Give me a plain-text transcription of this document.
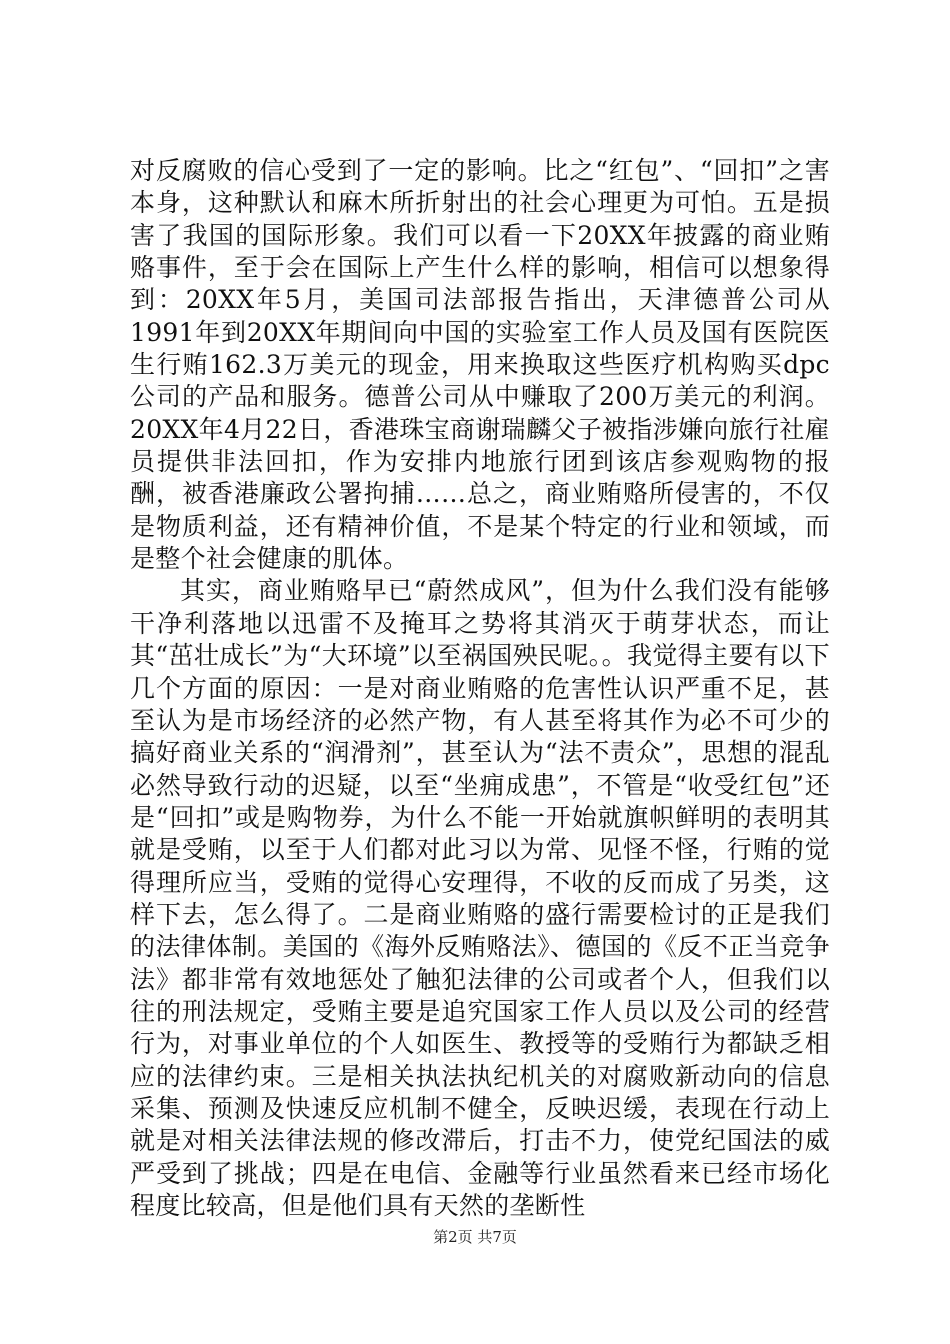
对反腐败的信心受到了一定的影响。比之“红包”、“回扣”之害本身，这种默认和麻木所折射出的社会心理更为可怕。五是损害了我国的国际形象。我们可以看一下20XX年披露的商业贿赂事件，至于会在国际上产生什么样的影响，相信可以想象得到：20XX年5月，美国司法部报告指出，天津德普公司从1991年到20XX年期间向中国的实验室工作人员及国有医院医生行贿162.3万美元的现金，用来换取这些医疗机构购买dpc公司的产品和服务。德普公司从中赚取了200万美元的利润。20XX年4月22日，香港珠宝商谢瑞麟父子被指涉嫌向旅行社雇员提供非法回扣，作为安排内地旅行团到该店参观购物的报酬，被香港廉政公署拘捕……总之，商业贿赂所侵害的，不仅是物质利益，还有精神价值，不是某个特定的行业和领域，而是整个社会健康的肌体。

其实，商业贿赂早已“蔚然成风”，但为什么我们没有能够干净利落地以迅雷不及掩耳之势将其消灭于萌芽状态，而让其“茁壮成长”为“大环境”以至祸国殃民呢。。我觉得主要有以下几个方面的原因：一是对商业贿赂的危害性认识严重不足，甚至认为是市场经济的必然产物，有人甚至将其作为必不可少的搞好商业关系的“润滑剂”，甚至认为“法不责众”，思想的混乱必然导致行动的迟疑，以至“坐痈成患”，不管是“收受红包”还是“回扣”或是购物券，为什么不能一开始就旗帜鲜明的表明其就是受贿，以至于人们都对此习以为常、见怪不怪，行贿的觉得理所应当，受贿的觉得心安理得，不收的反而成了另类，这样下去，怎么得了。二是商业贿赂的盛行需要检讨的正是我们的法律体制。美国的《海外反贿赂法》、德国的《反不正当竞争法》都非常有效地惩处了触犯法律的公司或者个人，但我们以往的刑法规定，受贿主要是追究国家工作人员以及公司的经营行为，对事业单位的个人如医生、教授等的受贿行为都缺乏相应的法律约束。三是相关执法执纪机关的对腐败新动向的信息采集、预测及快速反应机制不健全，反映迟缓，表现在行动上就是对相关法律法规的修改滞后，打击不力，使党纪国法的威严受到了挑战；四是在电信、金融等行业虽然看来已经市场化程度比较高，但是他们具有天然的垄断性

第2页 共7页
